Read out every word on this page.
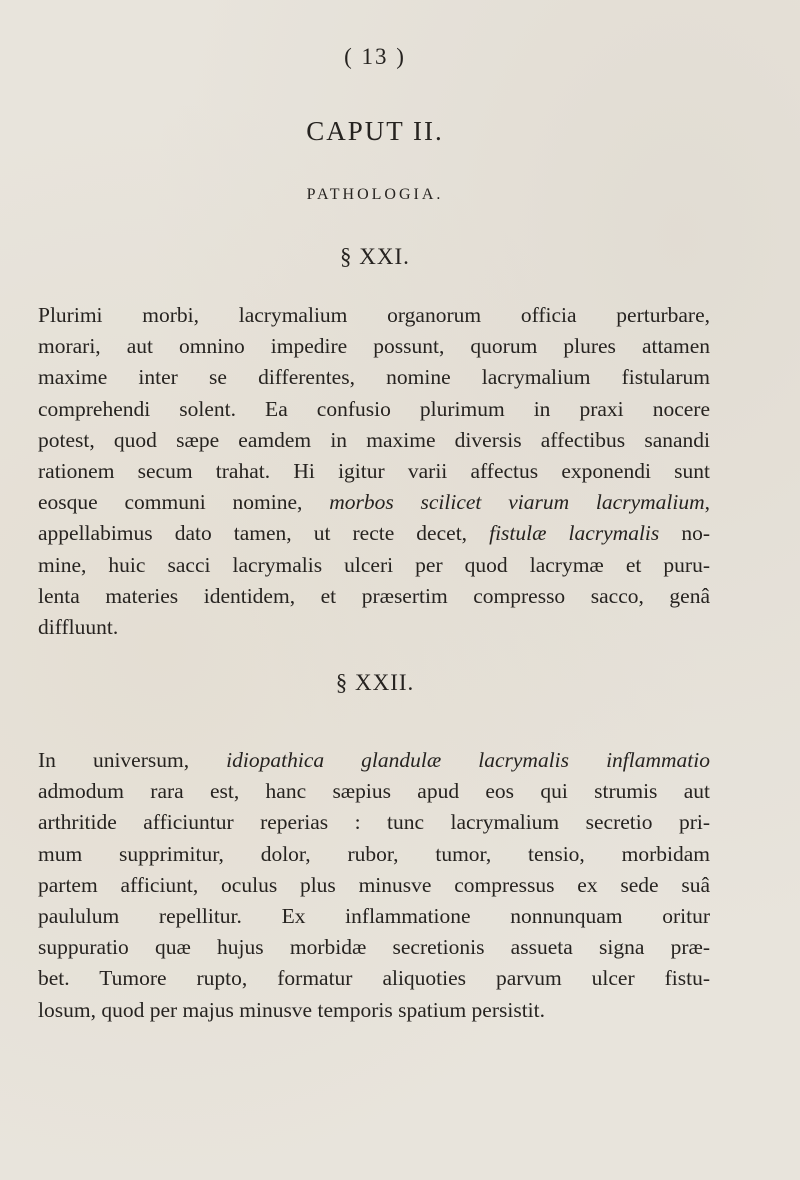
( 13 )
CAPUT II.
PATHOLOGIA.
§ XXI.
Plurimi morbi, lacrymalium organorum officia perturbare,
morari, aut omnino impedire possunt, quorum plures attamen
maxime inter se differentes, nomine lacrymalium fistularum
comprehendi solent. Ea confusio plurimum in praxi nocere
potest, quod sæpe eamdem in maxime diversis affectibus sanandi
rationem secum trahat. Hi igitur varii affectus exponendi sunt
eosque communi nomine, morbos scilicet viarum lacrymalium,
appellabimus dato tamen, ut recte decet, fistulæ lacrymalis no-
mine, huic sacci lacrymalis ulceri per quod lacrymæ et puru-
lenta materies identidem, et præsertim compresso sacco, genâ
diffluunt.
§ XXII.
In universum, idiopathica glandulæ lacrymalis inflammatio
admodum rara est, hanc sæpius apud eos qui strumis aut
arthritide afficiuntur reperias : tunc lacrymalium secretio pri-
mum supprimitur, dolor, rubor, tumor, tensio, morbidam
partem afficiunt, oculus plus minusve compressus ex sede suâ
paululum repellitur. Ex inflammatione nonnunquam oritur
suppuratio quæ hujus morbidæ secretionis assueta signa præ-
bet. Tumore rupto, formatur aliquoties parvum ulcer fistu-
losum, quod per majus minusve temporis spatium persistit.
